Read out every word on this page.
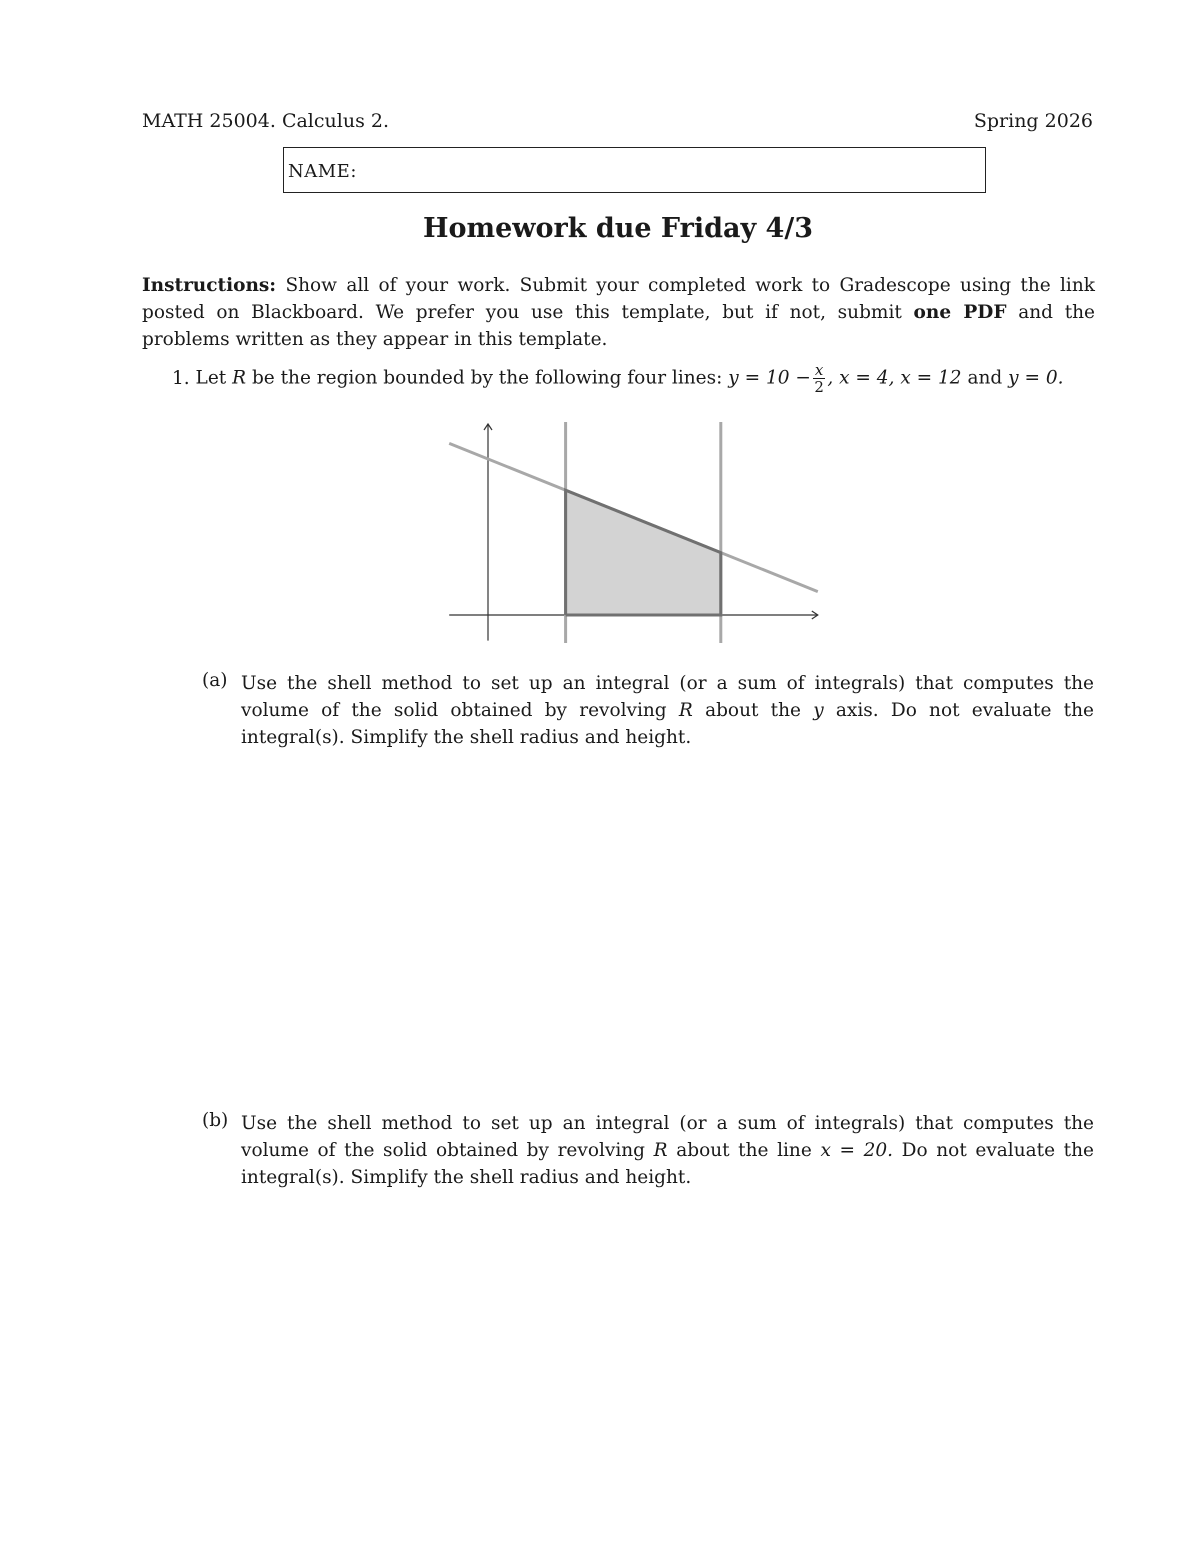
MATH 25004. Calculus 2.	Spring 2026
NAME:
Homework due Friday 4/3
Instructions: Show all of your work. Submit your completed work to Gradescope using the link posted on Blackboard. We prefer you use this template, but if not, submit one PDF and the problems written as they appear in this template.
1. Let R be the region bounded by the following four lines: $y = 10 - \frac{x}{2}$ , x = 4, x = 12 and y = 0.
(a) Use the shell method to set up an integral (or a sum of integrals) that computes the volume of the solid obtained by revolving R about the y axis. Do not evaluate the integral(s). Simplify the shell radius and height.
(b) Use the shell method to set up an integral (or a sum of integrals) that computes the volume of the solid obtained by revolving R about the line x = 20. Do not evaluate the integral(s). Simplify the shell radius and height.
